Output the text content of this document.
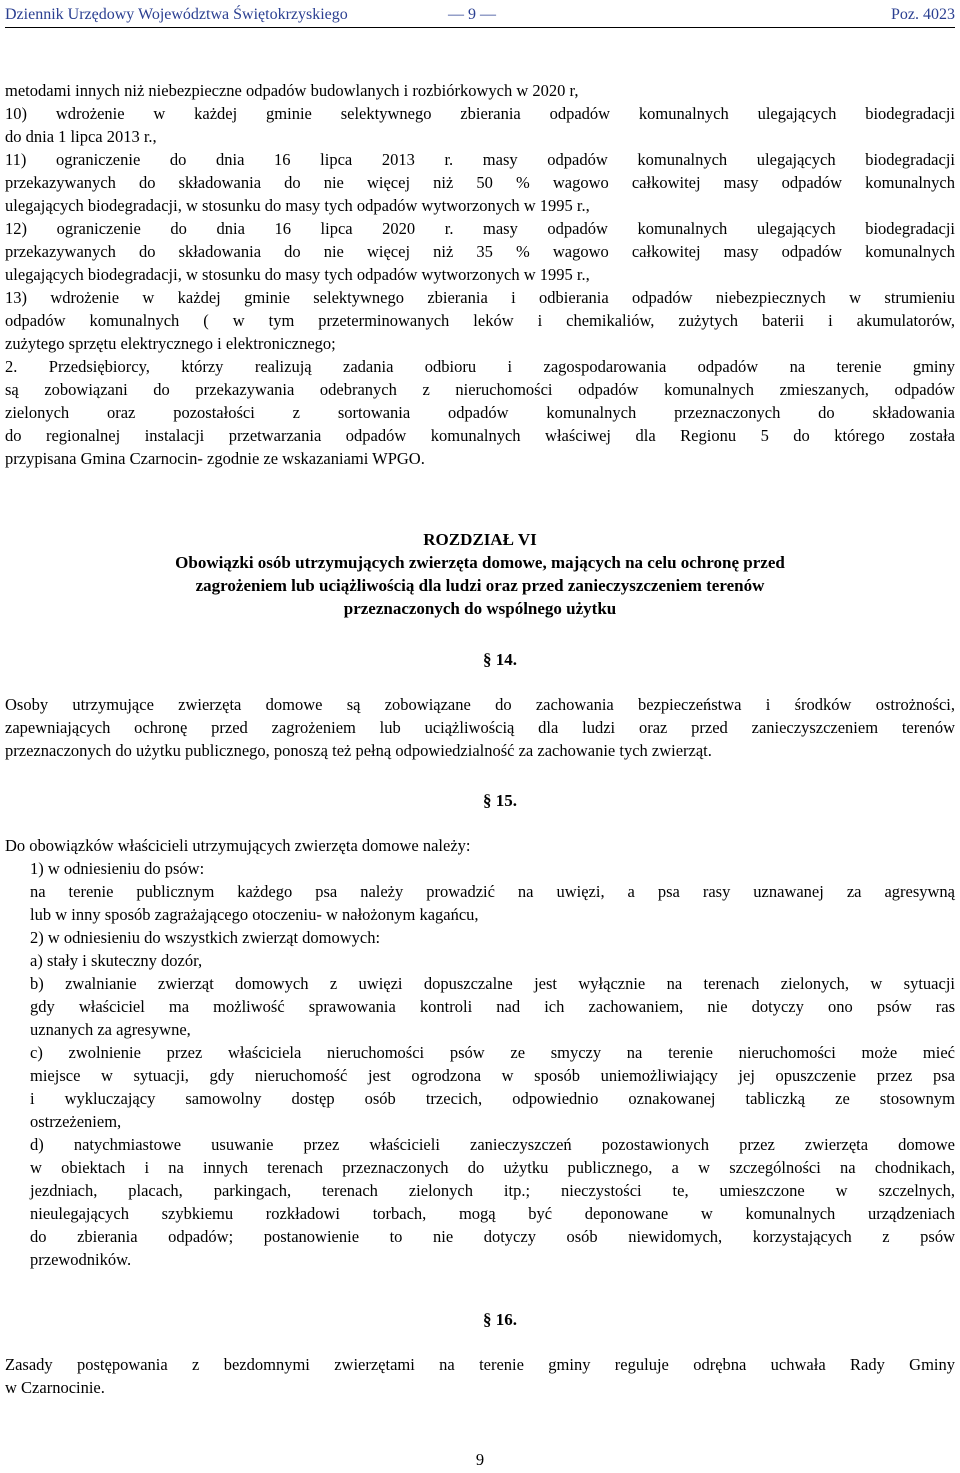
Dziennik Urzędowy Województwa Świętokrzyskiego	— 9 —	Poz. 4023
metodami innych niż niebezpieczne odpadów budowlanych i rozbiórkowych w 2020 r,
10) wdrożenie w każdej gminie selektywnego zbierania odpadów komunalnych ulegających biodegradacji
do dnia 1 lipca 2013 r.,
11) ograniczenie do dnia 16 lipca 2013 r. masy odpadów komunalnych ulegających biodegradacji
przekazywanych do składowania do nie więcej niż 50 % wagowo całkowitej masy odpadów komunalnych
ulegających biodegradacji, w stosunku do masy tych odpadów wytworzonych w 1995 r.,
12) ograniczenie do dnia 16 lipca 2020 r. masy odpadów komunalnych ulegających biodegradacji
przekazywanych do składowania do nie więcej niż 35 % wagowo całkowitej masy odpadów komunalnych
ulegających biodegradacji, w stosunku do masy tych odpadów wytworzonych w 1995 r.,
13) wdrożenie w każdej gminie selektywnego zbierania i odbierania odpadów niebezpiecznych w strumieniu
odpadów komunalnych ( w tym przeterminowanych leków i chemikaliów, zużytych baterii i akumulatorów,
zużytego sprzętu elektrycznego i elektronicznego;
2. Przedsiębiorcy, którzy realizują zadania odbioru i zagospodarowania odpadów na terenie gminy
są zobowiązani do przekazywania odebranych z nieruchomości odpadów komunalnych zmieszanych, odpadów
zielonych oraz pozostałości z sortowania odpadów komunalnych przeznaczonych do składowania
do regionalnej instalacji przetwarzania odpadów komunalnych właściwej dla Regionu 5 do którego została
przypisana Gmina Czarnocin- zgodnie ze wskazaniami WPGO.
ROZDZIAŁ VI
Obowiązki osób utrzymujących zwierzęta domowe, mających na celu ochronę przed
zagrożeniem lub uciążliwością dla ludzi oraz przed zanieczyszczeniem terenów
przeznaczonych do wspólnego użytku
§ 14.
Osoby utrzymujące zwierzęta domowe są zobowiązane do zachowania bezpieczeństwa i środków ostrożności,
zapewniających ochronę przed zagrożeniem lub uciążliwością dla ludzi oraz przed zanieczyszczeniem terenów
przeznaczonych do użytku publicznego, ponoszą też pełną odpowiedzialność za zachowanie tych zwierząt.
§ 15.
Do obowiązków właścicieli utrzymujących zwierzęta domowe należy:
1) w odniesieniu do psów:
na terenie publicznym każdego psa należy prowadzić na uwięzi, a psa rasy uznawanej za agresywną
lub w inny sposób zagrażającego otoczeniu- w nałożonym kagańcu,
2) w odniesieniu do wszystkich zwierząt domowych:
a) stały i skuteczny dozór,
b) zwalnianie zwierząt domowych z uwięzi dopuszczalne jest wyłącznie na terenach zielonych, w sytuacji
gdy właściciel ma możliwość sprawowania kontroli nad ich zachowaniem, nie dotyczy ono psów ras
uznanych za agresywne,
c) zwolnienie przez właściciela nieruchomości psów ze smyczy na terenie nieruchomości może mieć
miejsce w sytuacji, gdy nieruchomość jest ogrodzona w sposób uniemożliwiający jej opuszczenie przez psa
i wykluczający samowolny dostęp osób trzecich, odpowiednio oznakowanej tabliczką ze stosownym
ostrzeżeniem,
d) natychmiastowe usuwanie przez właścicieli zanieczyszczeń pozostawionych przez zwierzęta domowe
w obiektach i na innych terenach przeznaczonych do użytku publicznego, a w szczególności na chodnikach,
jezdniach, placach, parkingach, terenach zielonych itp.; nieczystości te, umieszczone w szczelnych,
nieulegających szybkiemu rozkładowi torbach, mogą być deponowane w komunalnych urządzeniach
do zbierania odpadów; postanowienie to nie dotyczy osób niewidomych, korzystających z psów
przewodników.
§ 16.
Zasady postępowania z bezdomnymi zwierzętami na terenie gminy reguluje odrębna uchwała Rady Gminy
w Czarnocinie.
9
